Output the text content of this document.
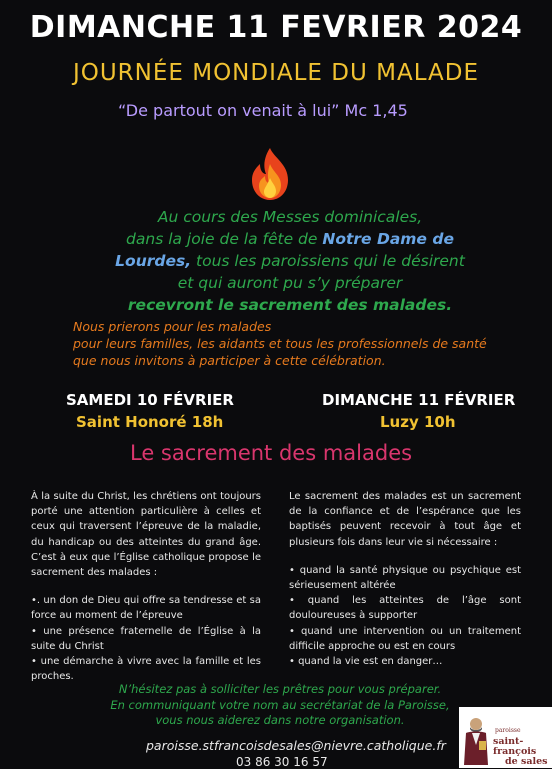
DIMANCHE 11 FEVRIER 2024
JOURNÉE MONDIALE DU MALADE
“De partout on venait à lui” Mc 1,45
Au cours des Messes dominicales,
dans la joie de la fête de Notre Dame de
Lourdes, tous les paroissiens qui le désirent
et qui auront pu s’y préparer
recevront le sacrement des malades.
Nous prierons pour les malades
pour leurs familles, les aidants et tous les professionnels de santé
que nous invitons à participer à cette célébration.
SAMEDI 10 FÉVRIER
Saint Honoré 18h
DIMANCHE 11 FÉVRIER
Luzy 10h
Le sacrement des malades

À la suite du Christ, les chrétiens ont toujours porté une attention particulière à celles et ceux qui traversent l’épreuve de la maladie, du handicap ou des atteintes du grand âge. C’est à eux que l’Église catholique propose le sacrement des malades :

•. un don de Dieu qui offre sa tendresse et sa force au moment de l’épreuve
• une présence fraternelle de l’Église à la suite du Christ
• une démarche à vivre avec la famille et les proches.

Le sacrement des malades est un sacrement de la confiance et de l’espérance que les baptisés peuvent recevoir à tout âge et plusieurs fois dans leur vie si nécessaire :

• quand la santé physique ou psychique est sérieusement altérée
• quand les atteintes de l’âge sont douloureuses à supporter
• quand une intervention ou un traitement difficile approche ou est en cours
• quand la vie est en danger…
N’hésitez pas à solliciter les prêtres pour vous préparer.
En communiquant votre nom au secrétariat de la Paroisse,
vous nous aiderez dans notre organisation.
paroisse.stfrancoisdesales@nievre.catholique.fr
03 86 30 16 57
paroisse
saint-françois
de sales
